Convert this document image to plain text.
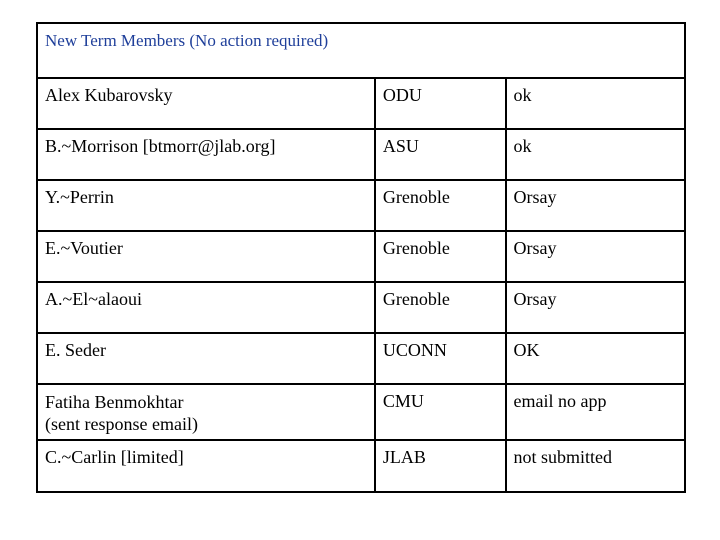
New Term Members (No action required)		
Alex Kubarovsky	ODU	ok
B.~Morrison [btmorr@jlab.org]	ASU	ok
Y.~Perrin	Grenoble	Orsay
E.~Voutier	Grenoble	Orsay
A.~El~alaoui	Grenoble	Orsay
E. Seder	UCONN	OK

Fatiha Benmokhtar
(sent response email)	CMU	email no app
C.~Carlin [limited]	JLAB	not submitted
